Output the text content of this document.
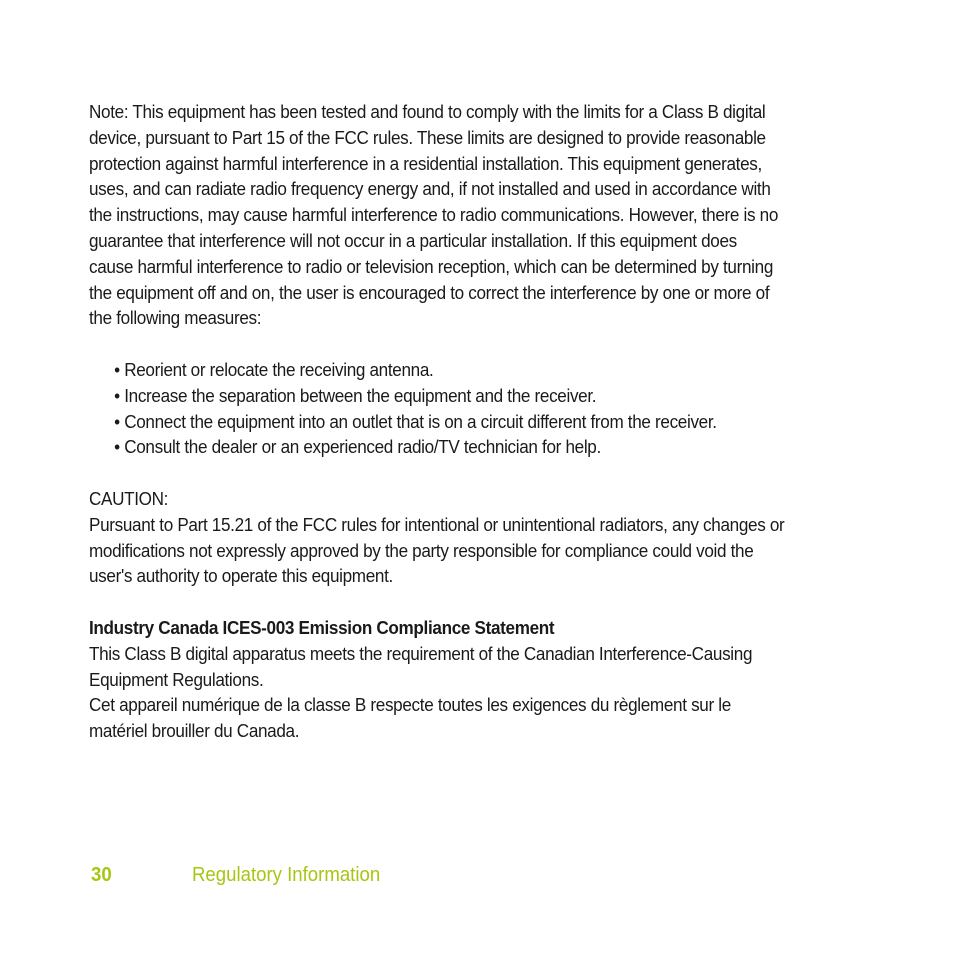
Note: This equipment has been tested and found to comply with the limits for a Class B digital

device, pursuant to Part 15 of the FCC rules. These limits are designed to provide reasonable

protection against harmful interference in a residential installation. This equipment generates,

uses, and can radiate radio frequency energy and, if not installed and used in accordance with

the instructions, may cause harmful interference to radio communications. However, there is no

guarantee that interference will not occur in a particular installation. If this equipment does

cause harmful interference to radio or television reception, which can be determined by turning

the equipment off and on, the user is encouraged to correct the interference by one or more of

the following measures:

• Reorient or relocate the receiving antenna.
• Increase the separation between the equipment and the receiver.
• Connect the equipment into an outlet that is on a circuit different from the receiver.
• Consult the dealer or an experienced radio/TV technician for help.

CAUTION:

Pursuant to Part 15.21 of the FCC rules for intentional or unintentional radiators, any changes or

modifications not expressly approved by the party responsible for compliance could void the

user's authority to operate this equipment.

Industry Canada ICES-003 Emission Compliance Statement

This Class B digital apparatus meets the requirement of the Canadian Interference-Causing

Equipment Regulations.

Cet appareil numérique de la classe B respecte toutes les exigences du règlement sur le

matériel brouiller du Canada.

30	Regulatory Information
